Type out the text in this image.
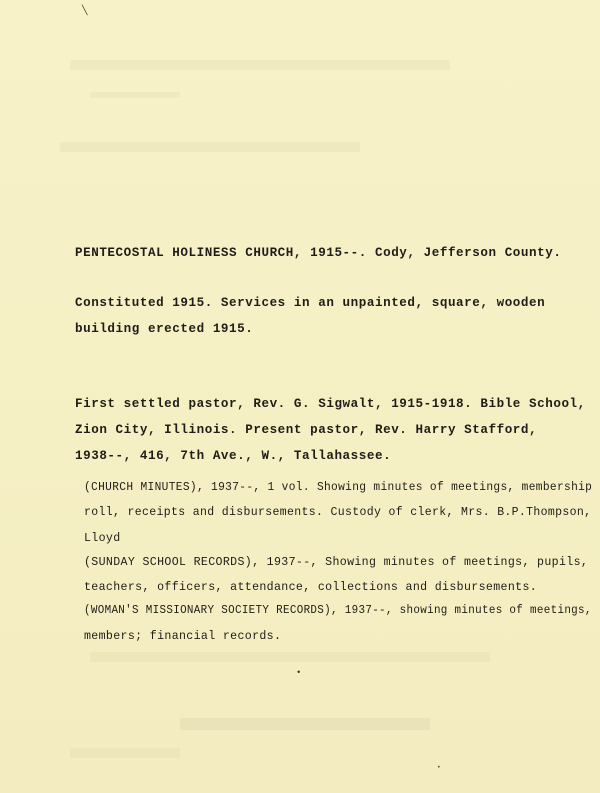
╲
•
•
PENTECOSTAL HOLINESS CHURCH, 1915--. Cody, Jefferson County.
Constituted 1915. Services in an unpainted, square, wooden
building erected 1915.
First settled pastor, Rev. G. Sigwalt, 1915-1918. Bible School,
Zion City, Illinois. Present pastor, Rev. Harry Stafford,
1938--, 416, 7th Ave., W., Tallahassee.
(CHURCH MINUTES), 1937--, 1 vol. Showing minutes of meetings, membership
roll, receipts and disbursements. Custody of clerk, Mrs. B.P.Thompson,
Lloyd
(SUNDAY SCHOOL RECORDS), 1937--, Showing minutes of meetings, pupils,
teachers, officers, attendance, collections and disbursements.
(WOMAN'S MISSIONARY SOCIETY RECORDS), 1937--, showing minutes of meetings,
members; financial records.
